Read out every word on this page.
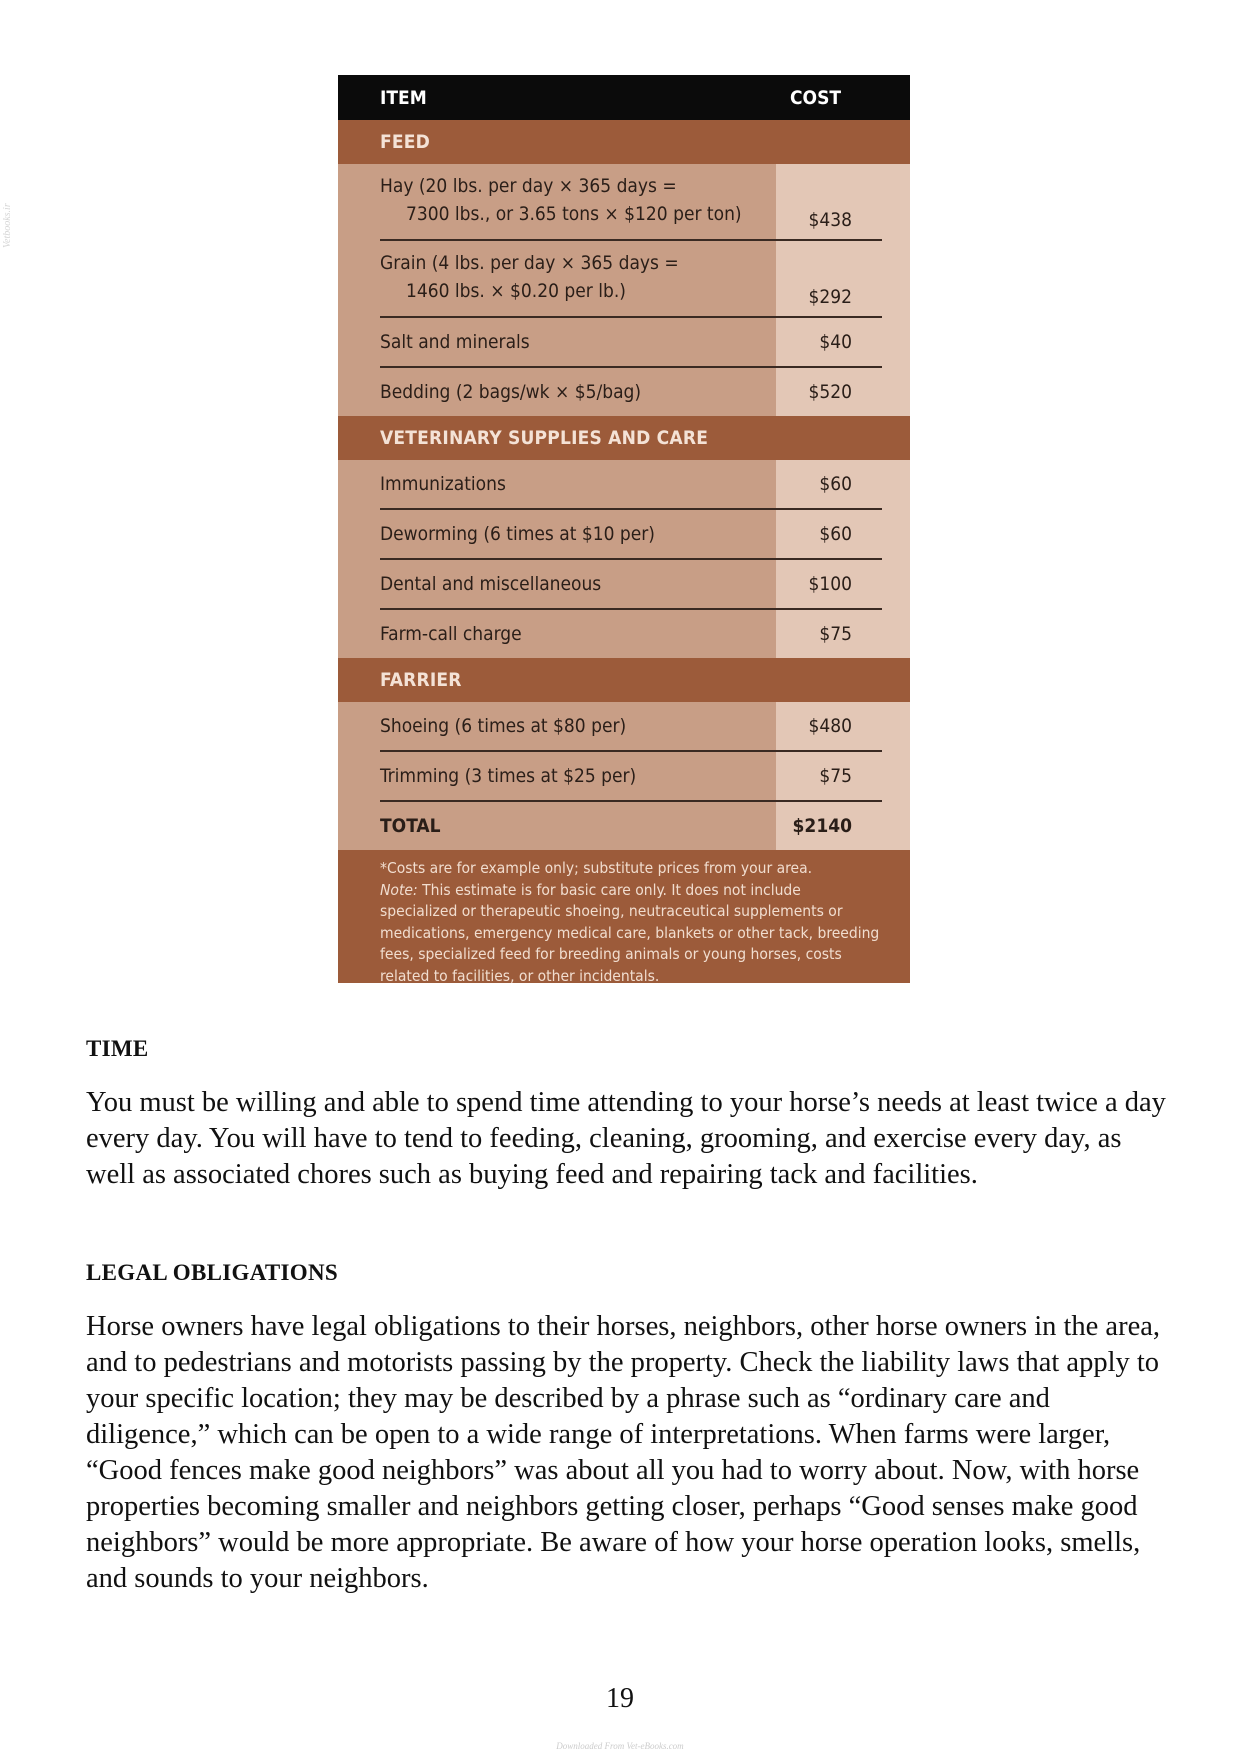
Vetbooks.ir
ITEM	COST
FEED
Hay (20 lbs. per day × 365 days =
7300 lbs., or 3.65 tons × $120 per ton)	$438
Grain (4 lbs. per day × 365 days =
1460 lbs. × $0.20 per lb.)	$292
Salt and minerals	$40
Bedding (2 bags/wk × $5/bag)	$520
VETERINARY SUPPLIES AND CARE
Immunizations	$60
Deworming (6 times at $10 per)	$60
Dental and miscellaneous	$100
Farm-call charge	$75
FARRIER
Shoeing (6 times at $80 per)	$480
Trimming (3 times at $25 per)	$75
TOTAL	$2140

*Costs are for example only; substitute prices from your area.

Note: This estimate is for basic care only. It does not include specialized or therapeutic shoeing, neutraceutical supplements or medications, emergency medical care, blankets or other tack, breeding fees, specialized feed for breeding animals or young horses, costs related to facilities, or other incidentals.

TIME

You must be willing and able to spend time attending to your horse’s needs at least twice a day every day. You will have to tend to feeding, cleaning, grooming, and exercise every day, as well as associated chores such as buying feed and repairing tack and facilities.

LEGAL OBLIGATIONS

Horse owners have legal obligations to their horses, neighbors, other horse owners in the area, and to pedestrians and motorists passing by the property. Check the liability laws that apply to your specific location; they may be described by a phrase such as “ordinary care and diligence,” which can be open to a wide range of interpretations. When farms were larger, “Good fences make good neighbors” was about all you had to worry about. Now, with horse properties becoming smaller and neighbors getting closer, perhaps “Good senses make good neighbors” would be more appropriate. Be aware of how your horse operation looks, smells, and sounds to your neighbors.

19
Downloaded From Vet-eBooks.com
